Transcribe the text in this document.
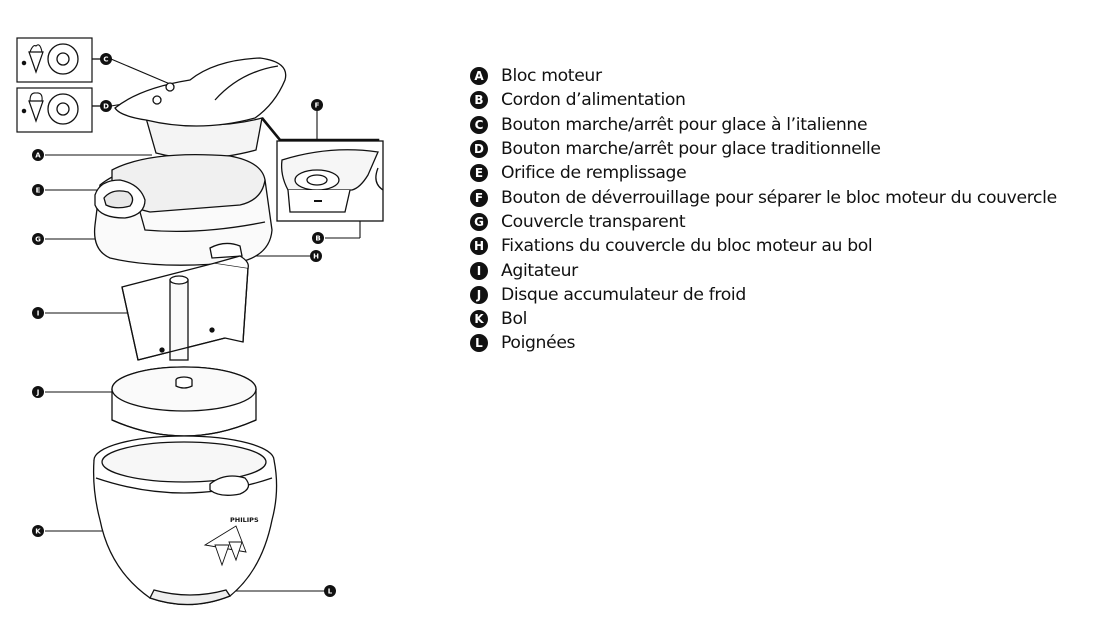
PHILIPS
C
D	F
A
E
B
G
H
I
J
K
L
A Bloc moteur
B Cordon d’alimentation
C Bouton marche/arrêt pour glace à l’italienne
D Bouton marche/arrêt pour glace traditionnelle
E Orifice de remplissage
F Bouton de déverrouillage pour séparer le bloc moteur du couvercle
G Couvercle transparent
H Fixations du couvercle du bloc moteur au bol
I	Agitateur
J	Disque accumulateur de froid
K Bol
L	Poignées
